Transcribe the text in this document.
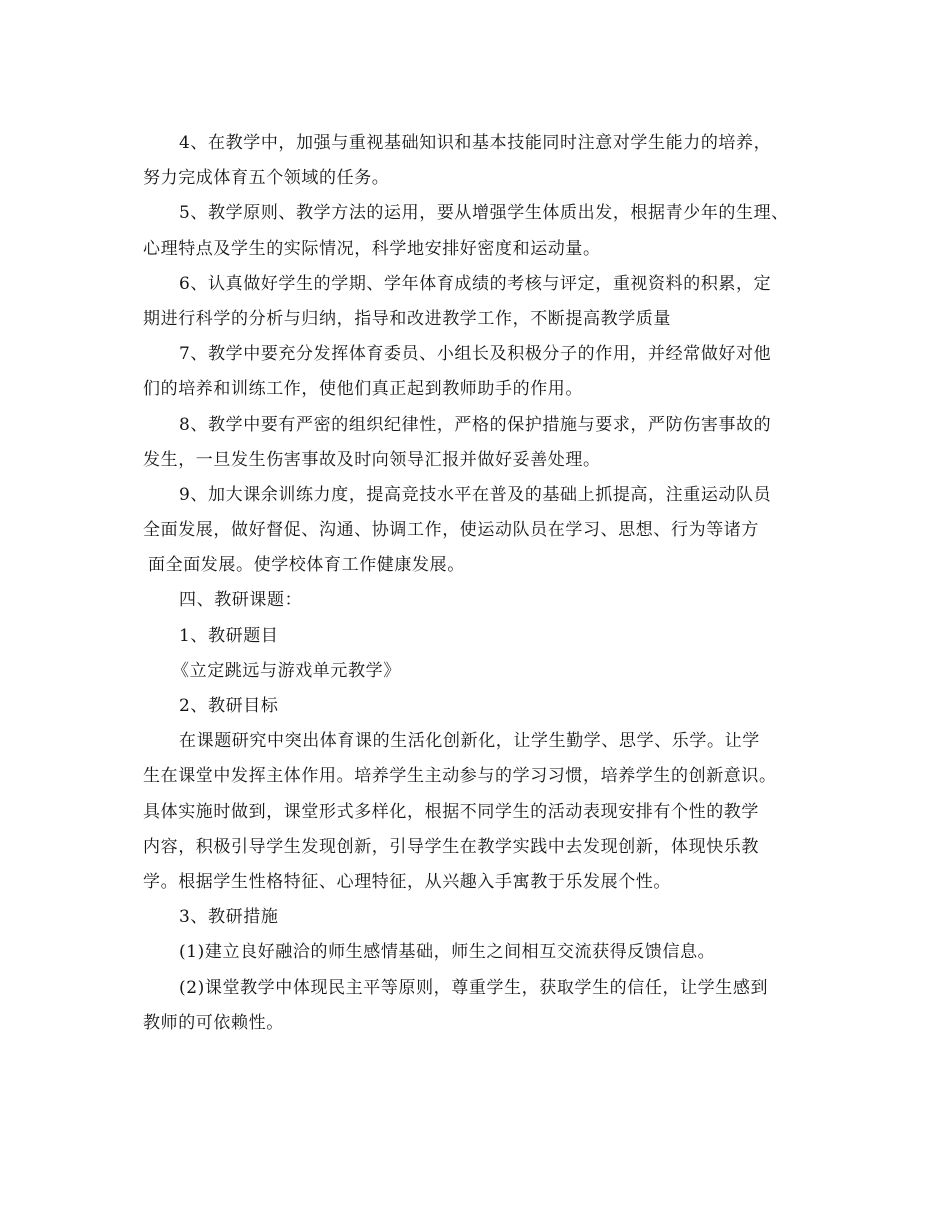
4、在教学中，加强与重视基础知识和基本技能同时注意对学生能力的培养，
努力完成体育五个领域的任务。
5、教学原则、教学方法的运用，要从增强学生体质出发，根据青少年的生理、
心理特点及学生的实际情况，科学地安排好密度和运动量。
6、认真做好学生的学期、学年体育成绩的考核与评定，重视资料的积累，定
期进行科学的分析与归纳，指导和改进教学工作，不断提高教学质量
7、教学中要充分发挥体育委员、小组长及积极分子的作用，并经常做好对他
们的培养和训练工作，使他们真正起到教师助手的作用。
8、教学中要有严密的组织纪律性，严格的保护措施与要求，严防伤害事故的
发生，一旦发生伤害事故及时向领导汇报并做好妥善处理。
9、加大课余训练力度，提高竞技水平在普及的基础上抓提高，注重运动队员
全面发展，做好督促、沟通、协调工作，使运动队员在学习、思想、行为等诸方
面全面发展。使学校体育工作健康发展。
四、教研课题：
1、教研题目
《立定跳远与游戏单元教学》
2、教研目标
在课题研究中突出体育课的生活化创新化，让学生勤学、思学、乐学。让学
生在课堂中发挥主体作用。培养学生主动参与的学习习惯，培养学生的创新意识。
具体实施时做到，课堂形式多样化，根据不同学生的活动表现安排有个性的教学
内容，积极引导学生发现创新，引导学生在教学实践中去发现创新，体现快乐教
学。根据学生性格特征、心理特征，从兴趣入手寓教于乐发展个性。
3、教研措施
(1)建立良好融洽的师生感情基础，师生之间相互交流获得反馈信息。
(2)课堂教学中体现民主平等原则，尊重学生，获取学生的信任，让学生感到
教师的可依赖性。
